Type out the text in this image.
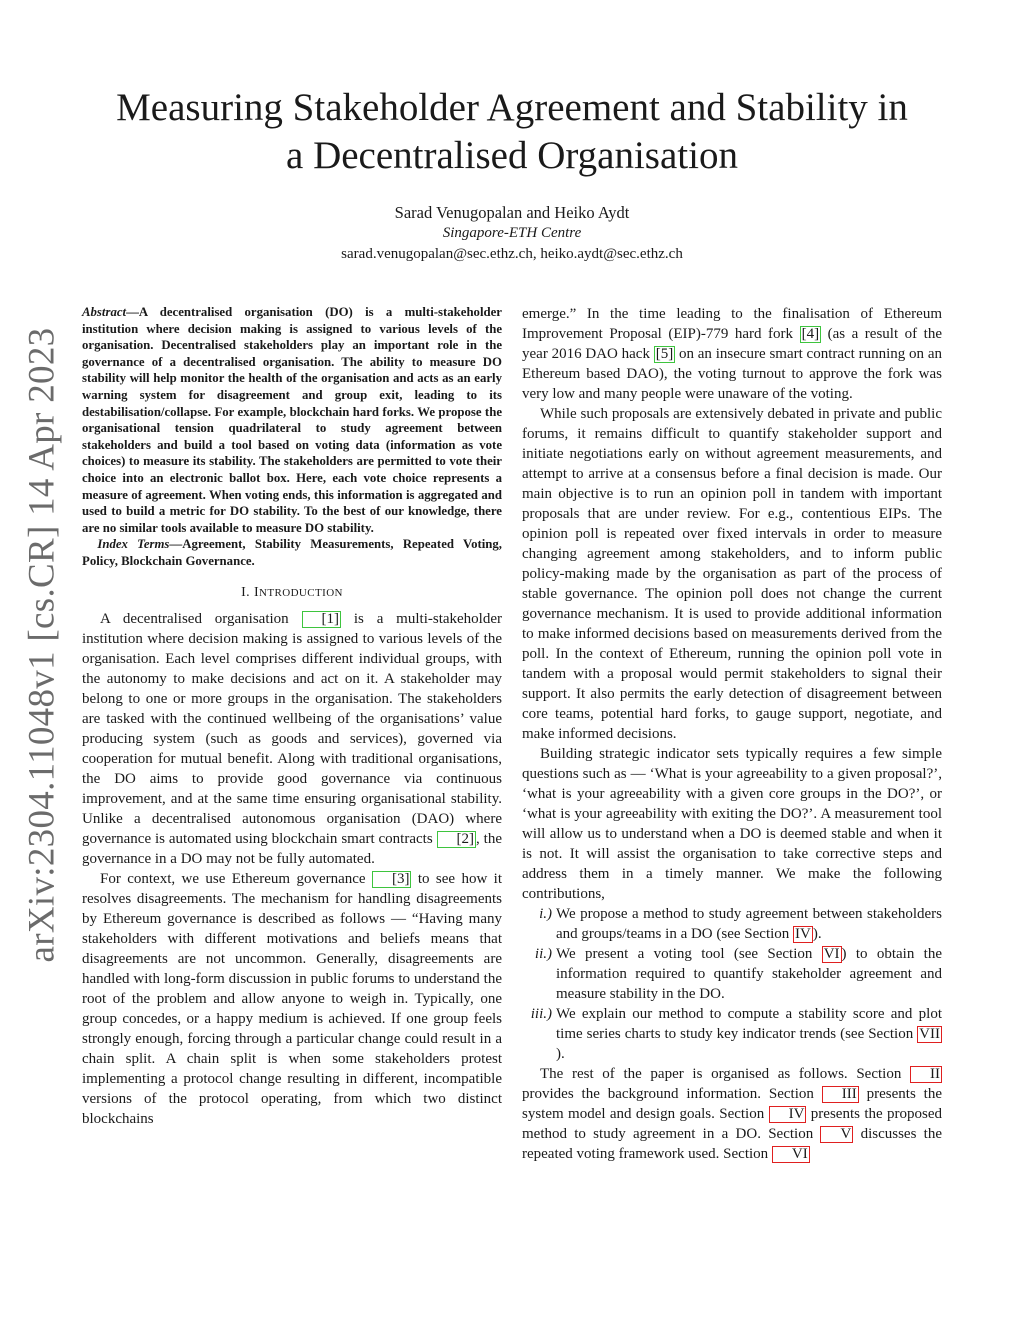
arXiv:2304.11048v1 [cs.CR] 14 Apr 2023
Measuring Stakeholder Agreement and Stability in
a Decentralised Organisation
Sarad Venugopalan and Heiko Aydt
Singapore-ETH Centre
sarad.venugopalan@sec.ethz.ch, heiko.aydt@sec.ethz.ch

Abstract—A decentralised organisation (DO) is a multi-stakeholder institution where decision making is assigned to various levels of the organisation. Decentralised stakeholders play an important role in the governance of a decentralised organisation. The ability to measure DO stability will help monitor the health of the organisation and acts as an early warning system for disagreement and group exit, leading to its destabilisation/collapse. For example, blockchain hard forks. We propose the organisational tension quadrilateral to study agreement between stakeholders and build a tool based on voting data (information as vote choices) to measure its stability. The stakeholders are permitted to vote their choice into an electronic ballot box. Here, each vote choice represents a measure of agreement. When voting ends, this information is aggregated and used to build a metric for DO stability. To the best of our knowledge, there are no similar tools available to measure DO stability.

Index Terms—Agreement, Stability Measurements, Repeated Voting, Policy, Blockchain Governance.

I. INTRODUCTION

A decentralised organisation [1] is a multi-stakeholder institution where decision making is assigned to various levels of the organisation. Each level comprises different individual groups, with the autonomy to make decisions and act on it. A stakeholder may belong to one or more groups in the organisation. The stakeholders are tasked with the continued wellbeing of the organisations’ value producing system (such as goods and services), governed via cooperation for mutual benefit. Along with traditional organisations, the DO aims to provide good governance via continuous improvement, and at the same time ensuring organisational stability. Unlike a decentralised autonomous organisation (DAO) where governance is automated using blockchain smart contracts [2] , the governance in a DO may not be fully automated.

For context, we use Ethereum governance [3] to see how it resolves disagreements. The mechanism for handling disagreements by Ethereum governance is described as follows — “Having many stakeholders with different motivations and beliefs means that disagreements are not uncommon. Generally, disagreements are handled with long-form discussion in public forums to understand the root of the problem and allow anyone to weigh in. Typically, one group concedes, or a happy medium is achieved. If one group feels strongly enough, forcing through a particular change could result in a chain split. A chain split is when some stakeholders protest implementing a protocol change resulting in different, incompatible versions of the protocol operating, from which two distinct blockchains

emerge.” In the time leading to the finalisation of Ethereum Improvement Proposal (EIP)-779 hard fork [4] (as a result of the year 2016 DAO hack [5] on an insecure smart contract running on an Ethereum based DAO), the voting turnout to approve the fork was very low and many people were unaware of the voting.

While such proposals are extensively debated in private and public forums, it remains difficult to quantify stakeholder support and initiate negotiations early on without agreement measurements, and attempt to arrive at a consensus before a final decision is made. Our main objective is to run an opinion poll in tandem with important proposals that are under review. For e.g., contentious EIPs. The opinion poll is repeated over fixed intervals in order to measure changing agreement among stakeholders, and to inform public policy-making made by the organisation as part of the process of stable governance. The opinion poll does not change the current governance mechanism. It is used to provide additional information to make informed decisions based on measurements derived from the poll. In the context of Ethereum, running the opinion poll vote in tandem with a proposal would permit stakeholders to signal their support. It also permits the early detection of disagreement between core teams, potential hard forks, to gauge support, negotiate, and make informed decisions.

Building strategic indicator sets typically requires a few simple questions such as — ‘What is your agreeability to a given proposal?’, ‘what is your agreeability with a given core groups in the DO?’, or ‘what is your agreeability with exiting the DO?’. A measurement tool will allow us to understand when a DO is deemed stable and when it is not. It will assist the organisation to take corrective steps and address them in a timely manner. We make the following contributions,

i.) We propose a method to study agreement between stakeholders and groups/teams in a DO (see Section IV ).
ii.) We present a voting tool (see Section VI ) to obtain the information required to quantify stakeholder agreement and measure stability in the DO.
iii.) We explain our method to compute a stability score and plot time series charts to study key indicator trends (see Section VII).

The rest of the paper is organised as follows. Section II provides the background information. Section III presents the system model and design goals. Section IV presents the proposed method to study agreement in a DO. Section V discusses the repeated voting framework used. Section VI
